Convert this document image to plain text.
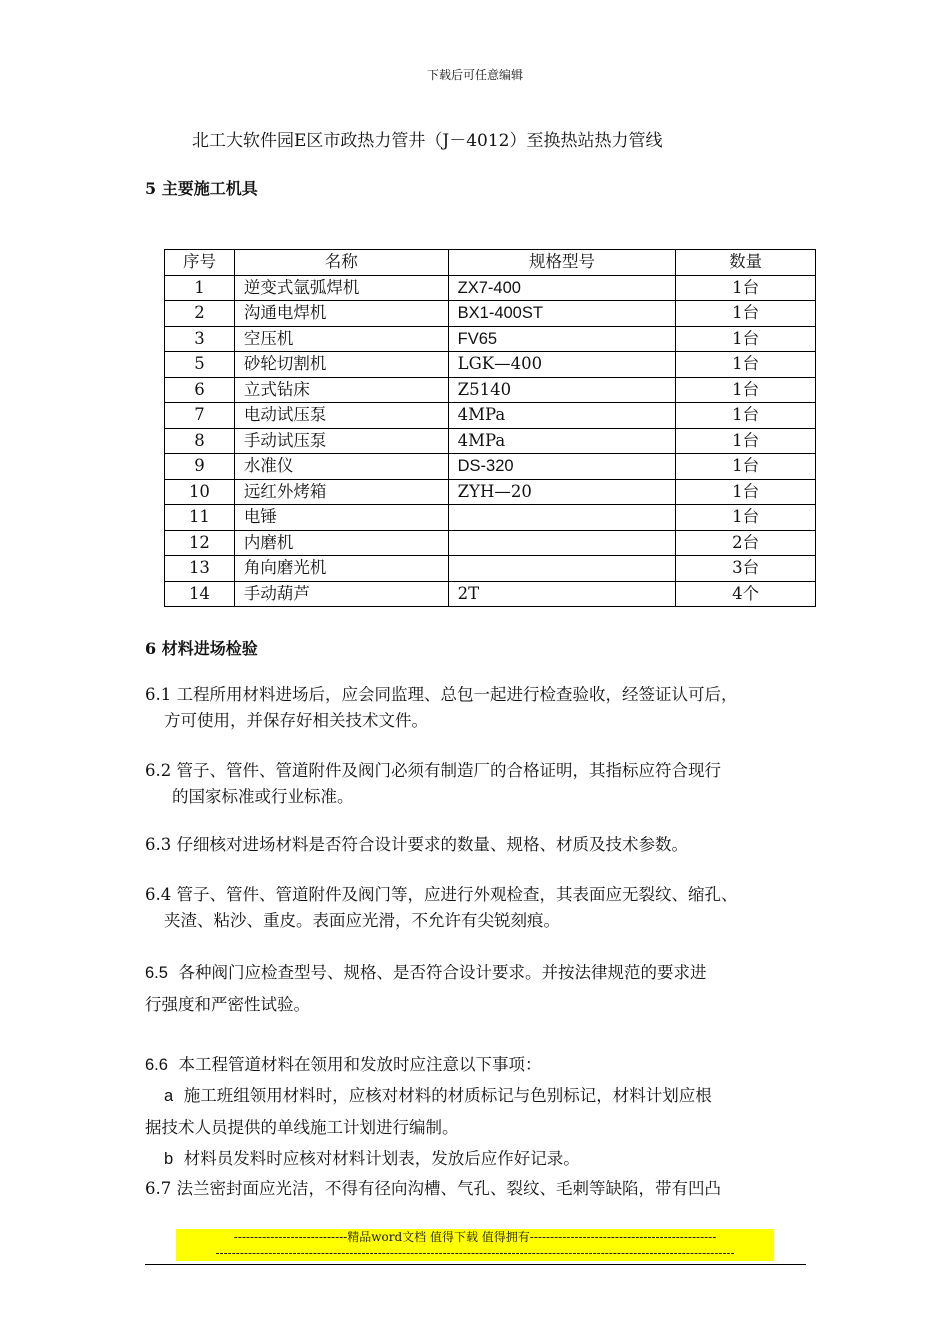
下载后可任意编辑
北工大软件园E区市政热力管井（J－4012）至换热站热力管线
5 主要施工机具
序号	名称	规格型号	数量
1	逆变式氩弧焊机	ZX7-400	1台
2	沟通电焊机	BX1-400ST	1台
3	空压机	FV65	1台
5	砂轮切割机	LGK—400	1台
6	立式钻床	Z5140	1台
7	电动试压泵	4MPa	1台
8	手动试压泵	4MPa	1台
9	水准仪	DS-320	1台
10	远红外烤箱	ZYH—20	1台
11	电锤		1台
12	内磨机		2台
13	角向磨光机		3台
14	手动葫芦	2T	4个
6 材料进场检验
6.1 工程所用材料进场后，应会同监理、总包一起进行检查验收，经签证认可后，
方可使用，并保存好相关技术文件。
6.2 管子、管件、管道附件及阀门必须有制造厂的合格证明，其指标应符合现行
的国家标准或行业标准。
6.3 仔细核对进场材料是否符合设计要求的数量、规格、材质及技术参数。
6.4 管子、管件、管道附件及阀门等，应进行外观检查，其表面应无裂纹、缩孔、
夹渣、粘沙、重皮。表面应光滑，不允许有尖锐刻痕。
6.5 各种阀门应检查型号、规格、是否符合设计要求。并按法律规范的要求进
行强度和严密性试验。
6.6 本工程管道材料在领用和发放时应注意以下事项：
a 施工班组领用材料时，应核对材料的材质标记与色别标记，材料计划应根
据技术人员提供的单线施工计划进行编制。
b 材料员发料时应核对材料计划表，发放后应作好记录。
6.7 法兰密封面应光洁，不得有径向沟槽、气孔、裂纹、毛刺等缺陷，带有凹凸
----------------------------精品word文档 值得下载 值得拥有----------------------------------------------
--------------------------------------------------------------------------------------------------------------------------------
